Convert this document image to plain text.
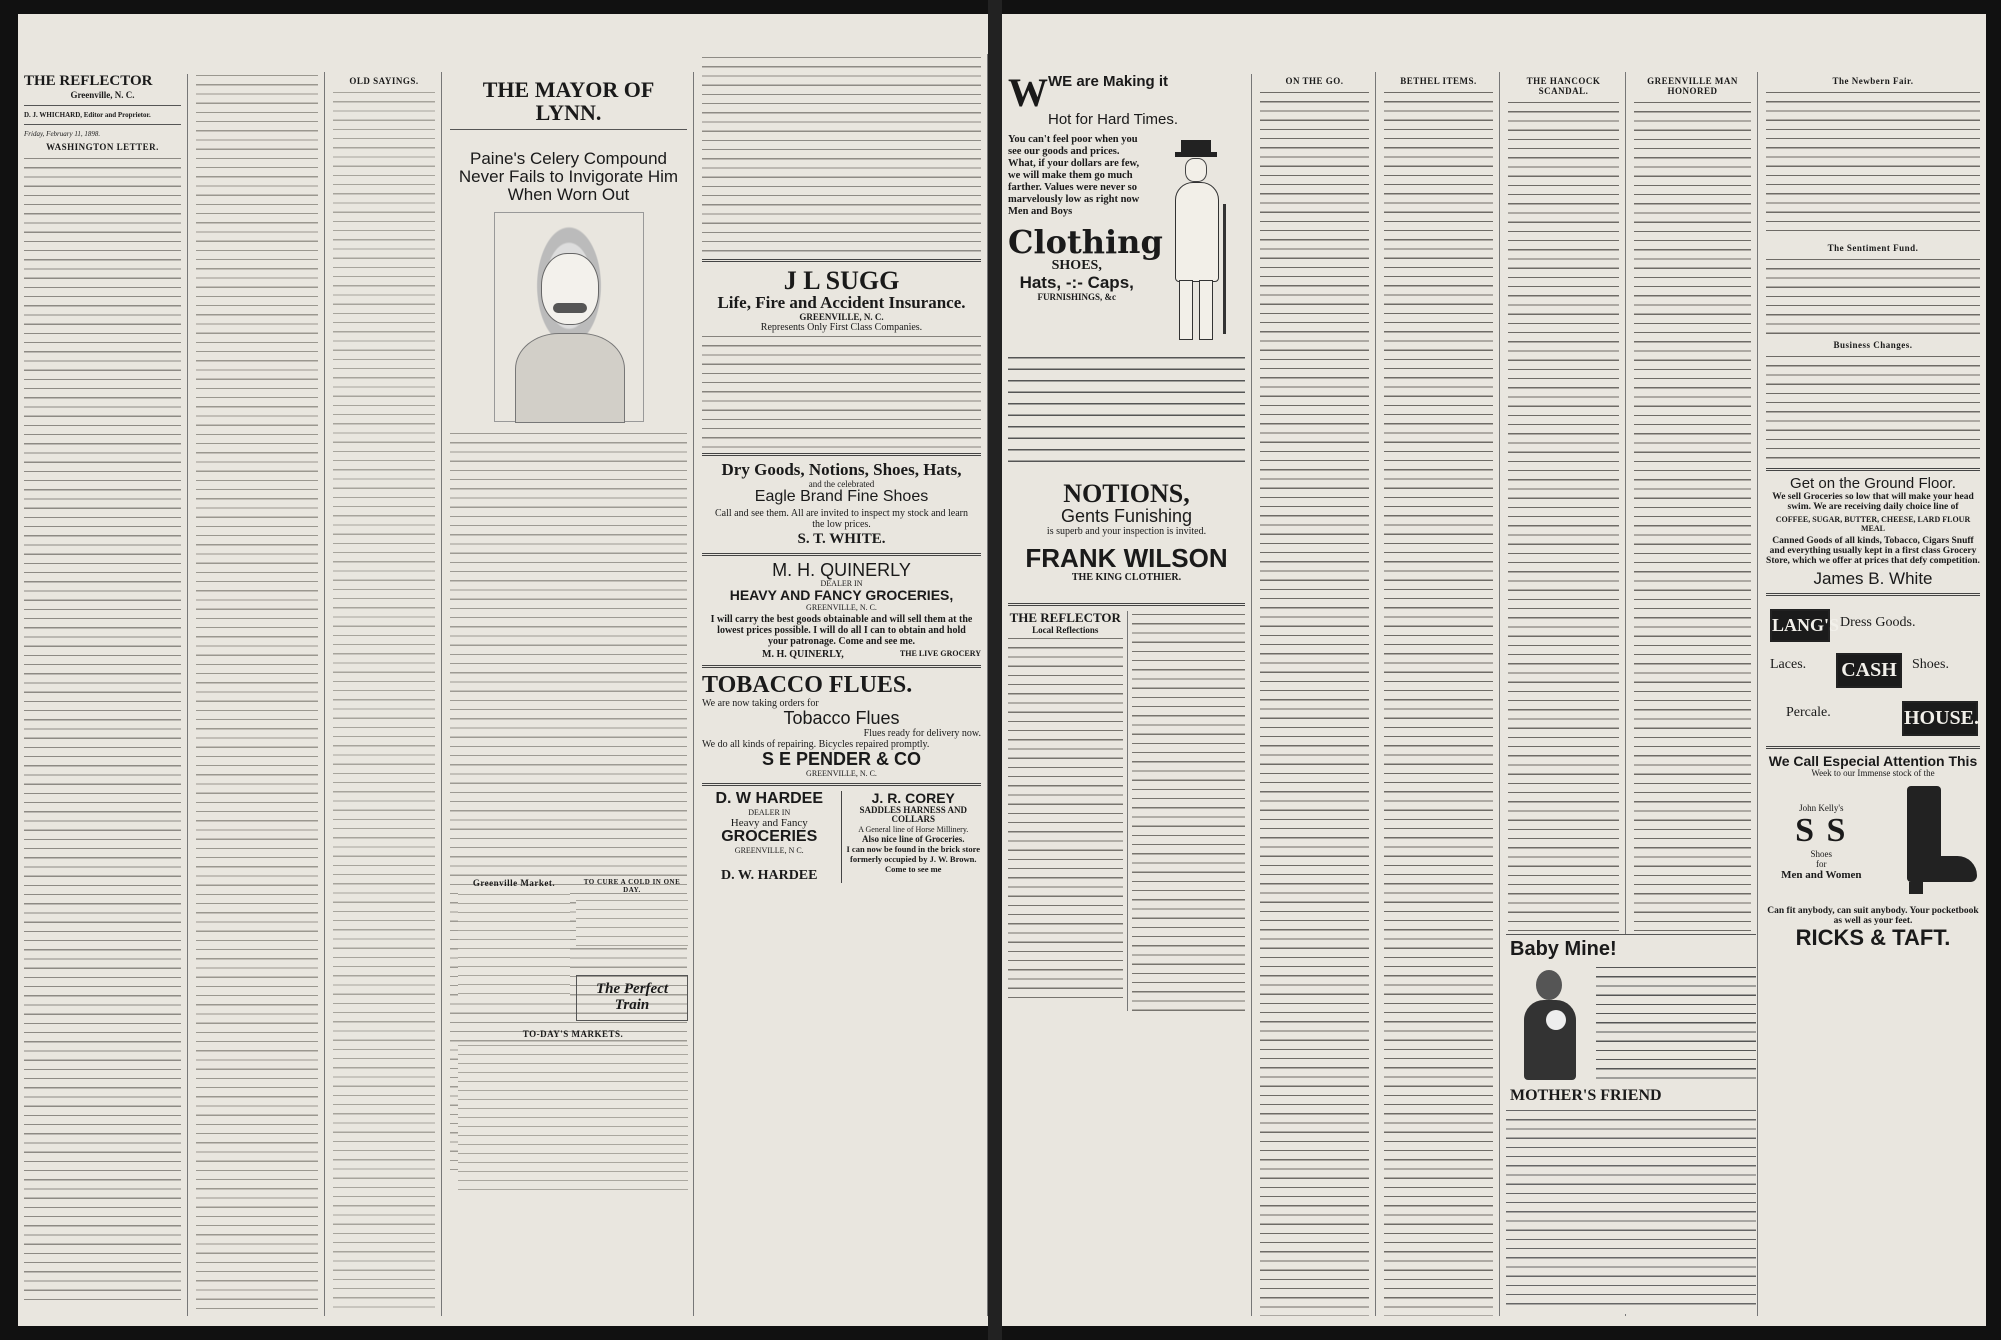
THE REFLECTOR
Greenville, N. C.
D. J. WHICHARD, Editor and Proprietor.
Friday, February 11, 1898.
WASHINGTON LETTER.
OLD SAYINGS.	THE MAYOR OF LYNN.
Paine's Celery Compound Never Fails to Invigorate Him When Worn Out
J L SUGG
Life, Fire and Accident Insurance.
GREENVILLE, N. C.
Represents Only First Class Companies.
Dry Goods, Notions, Shoes, Hats,
and the celebrated
Eagle Brand Fine Shoes
Call and see them. All are invited to inspect my stock and learn the low prices.
S. T. WHITE.
M. H. QUINERLY
DEALER IN
HEAVY AND FANCY GROCERIES,
GREENVILLE, N. C.
I will carry the best goods obtainable and will sell them at the lowest prices possible. I will do all I can to obtain and hold your patronage. Come and see me.
M. H. QUINERLY,	THE LIVE GROCERY
TOBACCO FLUES.
We are now taking orders for
Tobacco Flues
Flues ready for delivery now.
We do all kinds of repairing. Bicycles repaired promptly.
S E PENDER & CO
GREENVILLE, N. C.
D. W HARDEE
DEALER IN
Heavy and Fancy
GROCERIES
GREENVILLE, N C.
D. W. HARDEE
J. R. COREY
SADDLES HARNESS AND COLLARS
A General line of Horse Millinery.
Also nice line of Groceries.
I can now be found in the brick store formerly occupied by J. W. Brown. Come to see me
Greenville Market.	TO CURE A COLD IN ONE DAY.
The Perfect Train
TO-DAY'S MARKETS.
W WE are Making it
Hot for Hard Times.
You can't feel poor when you see our goods and prices. What, if your dollars are few, we will make them go much farther. Values were never so marvelously low as right now Men and Boys
Clothing
SHOES,
Hats, -:- Caps,
FURNISHINGS, &c
NOTIONS,
Gents Funishing
is superb and your inspection is invited.
FRANK WILSON
THE KING CLOTHIER.
THE REFLECTOR
Local Reflections
ON THE GO.	BETHEL ITEMS.	THE HANCOCK SCANDAL.
GREENVILLE MAN HONORED
Baby Mine!
MOTHER'S FRIEND
The Newbern Fair.
The Sentiment Fund.
Business Changes.
Get on the Ground Floor.
We sell Groceries so low that will make your head swim. We are receiving daily choice line of
COFFEE, SUGAR, BUTTER, CHEESE, LARD FLOUR MEAL
Canned Goods of all kinds, Tobacco, Cigars Snuff and everything usually kept in a first class Grocery Store, which we offer at prices that defy competition.
James B. White
LANG'S Dress Goods.
Laces. CASH	Shoes.
Percale.	HOUSE.
We Call Especial Attention This
Week to our Immense stock of the
John Kelly's
S S
Shoes
for
Men and Women
Can fit anybody, can suit anybody. Your pocketbook as well as your feet.
RICKS & TAFT.
